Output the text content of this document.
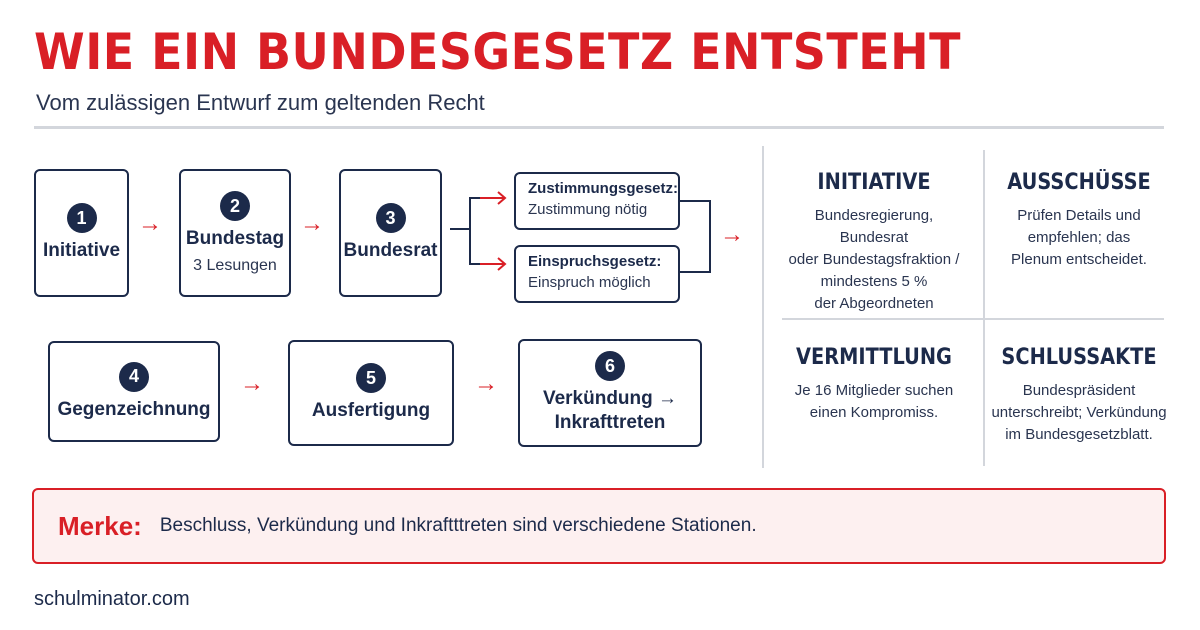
WIE EIN BUNDESGESETZ ENTSTEHT
Vom zulässigen Entwurf zum geltenden Recht
1
Initiative
→
2
Bundestag
3 Lesungen
→	3
Bundesrat
Zustimmungsgesetz:
Zustimmung nötig
Einspruchsgesetz:
Einspruch möglich
→
4
Gegenzeichnung
→	5
Ausfertigung
→
6
Verkündung →
Inkrafttreten
INITIATIVE
Bundesregierung, Bundesrat
oder Bundestagsfraktion /
mindestens 5 %
der Abgeordneten
AUSSCHÜSSE
Prüfen Details und
empfehlen; das
Plenum entscheidet.
VERMITTLUNG
Je 16 Mitglieder suchen
einen Kompromiss.
SCHLUSSAKTE
Bundespräsident
unterschreibt; Verkündung
im Bundesgesetzblatt.
Merke: Beschluss, Verkündung und Inkraftttreten sind verschiedene Stationen.
schulminator.com
